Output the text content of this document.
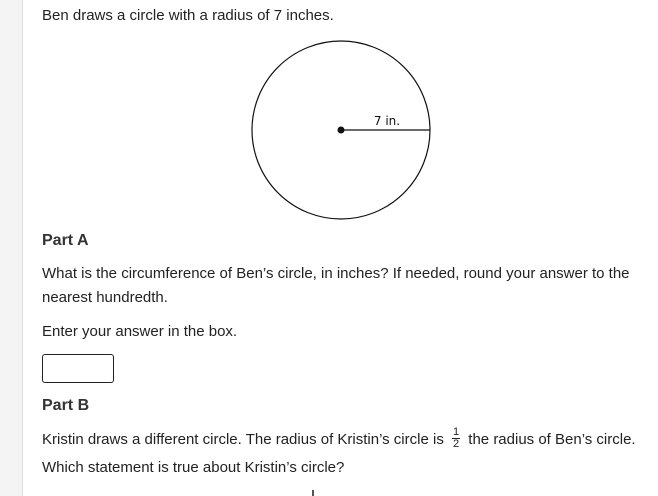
Ben draws a circle with a radius of 7 inches.
7 in.
Part A
What is the circumference of Ben’s circle, in inches? If needed, round your answer to the nearest hundredth.
Enter your answer in the box.
Part B
Kristin draws a different circle. The radius of Kristin’s circle is $\frac{1}{2}$ the radius of Ben’s circle. Which statement is true about Kristin’s circle?
